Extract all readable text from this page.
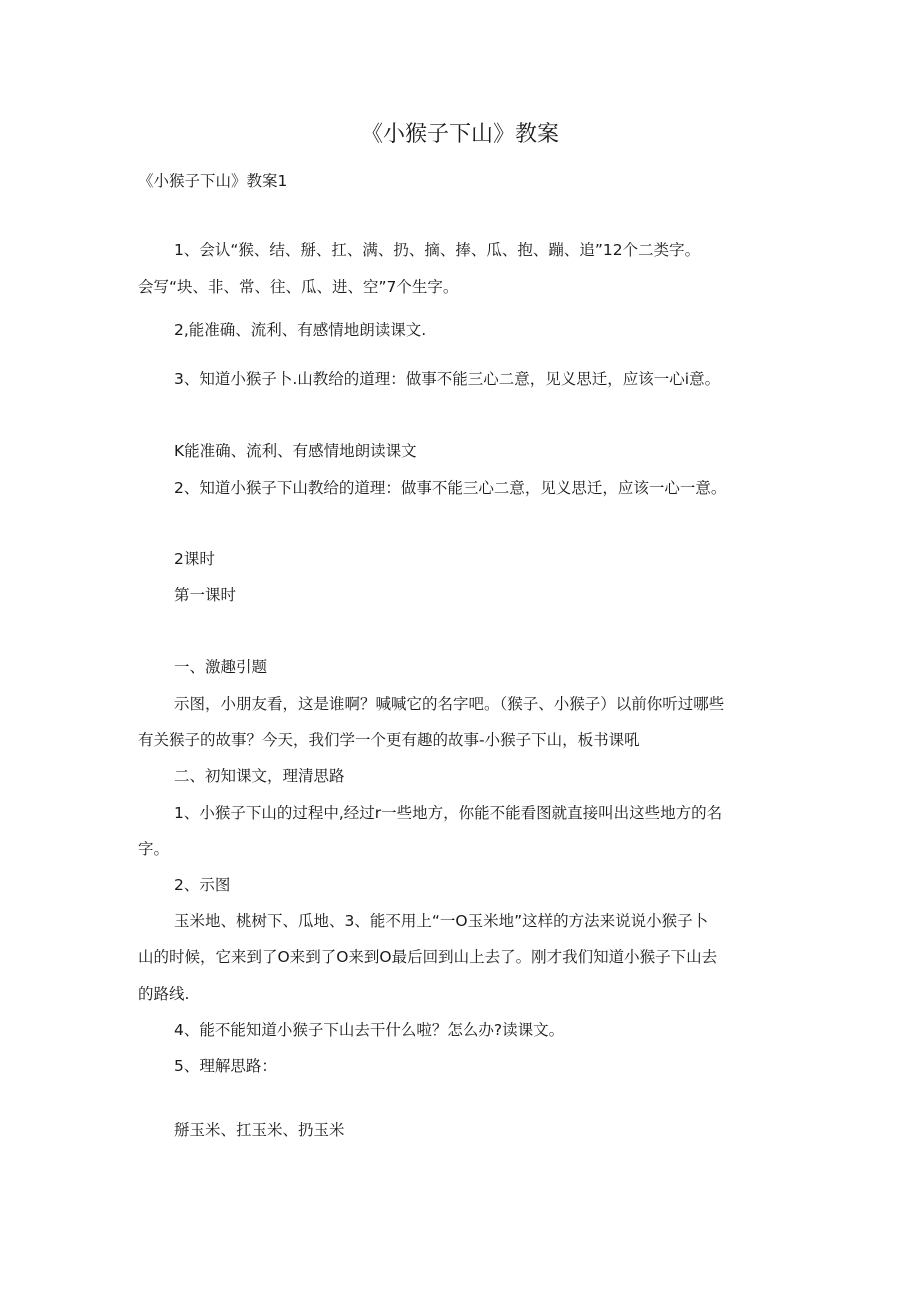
《小猴子下山》教案
《小猴子下山》教案1
1、会认“猴、结、掰、扛、满、扔、摘、捧、瓜、抱、蹦、追”12个二类字。
会写“块、非、常、往、瓜、进、空”7个生字。
2,能准确、流利、有感情地朗读课文.
3、知道小猴子卜.山教给的道理：做事不能三心二意，见义思迁，应该一心i意。
K能准确、流利、有感情地朗读课文
2、知道小猴子下山教给的道理：做事不能三心二意，见义思迁，应该一心一意。
2课时
第一课时
一、激趣引题
示图，小朋友看，这是谁啊？喊喊它的名字吧。（猴子、小猴子）以前你听过哪些
有关猴子的故事？今天，我们学一个更有趣的故事-小猴子下山，板书课吼
二、初知课文，理清思路
1、小猴子下山的过程中,经过r一些地方，你能不能看图就直接叫出这些地方的名
字。
2、示图
玉米地、桃树下、瓜地、3、能不用上“一O玉米地”这样的方法来说说小猴子卜
山的时候，它来到了O来到了O来到O最后回到山上去了。刚才我们知道小猴子下山去
的路线.
4、能不能知道小猴子下山去干什么啦？怎么办?读课文。
5、理解思路：
掰玉米、扛玉米、扔玉米
